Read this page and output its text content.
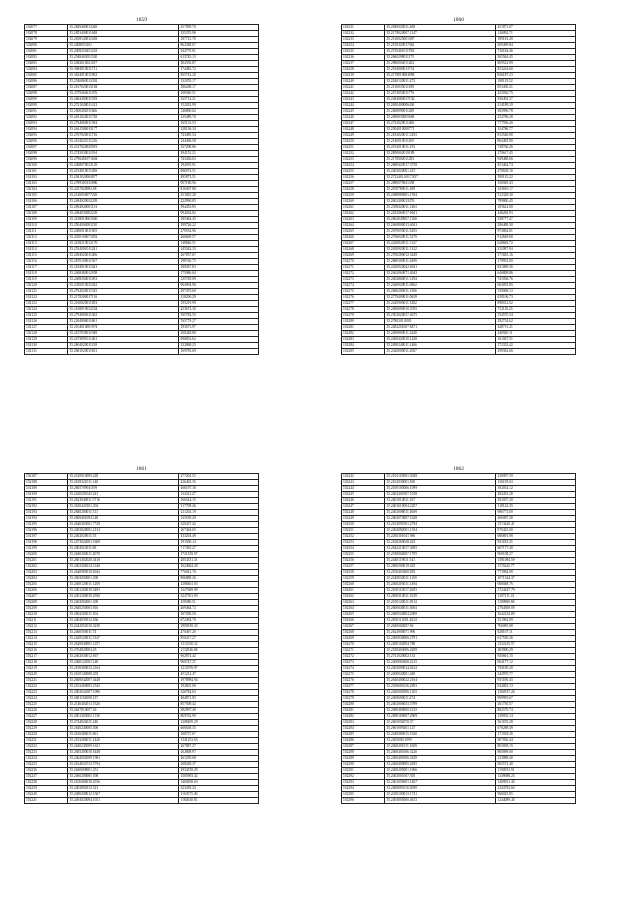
1859
102077	35.2849400012465	257099.70
102078	35.2853400011648	335255.96
102079	35.2658140011438	187721.70
102080	35.2408053161	862368.67
102081	35.2408250451243	344770.81
102082	35.2548403051520	613745.13
102083	35.2482610021187	302556.87
102084	35.3684010011711	174483.72
102085	35.3624010011902	855742.20
102086	35.2546860012302	132076.17
102087	35.2167020013184	186268.17
102088	35.2379264611476	108360.51
102089	35.2604400011918	325714.21
102090	35.2741028011412	152023.99
102091	35.2500402011666	146800.62
102092	35.2631024011728	125489.70
102093	35.2764060011394	165133.53
102094	35.2641506013177	328136.34
102095	35.2767020011716	743485.54
102096	35.2104021011216	144406.58
102097	35.2147020029919	327298.86
102098	35.2745030011194	394155.21
102099	35.2796401071604	743436.63
102100	35.2468070012129	192019.91
102101	35.2194018011208	696074.51
102102	35.2941020004877	495873.51
102103	35.2789300135886	907180.96
102104	35.2457020082.48	816307.80
102105	35.2146050077226	251825.28
102106	35.2484020032205	222990.85
102107	35.2694040001153	594453.85
102108	35.2484030002229	994264.02
102109	35.2168010061940	185464.45
102110	35.2504004001150	299726.22
102111	35.2486010011505	270554.96
102112	35.2450106071852	466669.57
102113	35.2108210012170	148840.51
102114	35.2534001011241	145342.33
102115	35.2494020011406	267837.67
102116	35.2670100011367	198746.75
102117	35.2184010011623	189267.83
102118	35.2468480012958	175986.64
102119	35.2408204011053	125749.09
102120	35.2356510011432	964904.96
102121	35.2764020011335	297470.60
102122	35.2178200017116	318206.29
102123	35.2160020011853	195219.99
102124	35.2168010012234	233672.30
102125	35.2794800011362	395782.55
102126	35.2264806011601	765779.27
102127	35.2104010001974	193673.97
102128	35.2107030011948	308428.80
102129	35.2473091011461	696833.62
102130	35.2604020011128	332868.25
102131	35.2681020011651	169783.69
1860
102231	35.2840020011.468	451871.07
102232	35.2178020007.1147	126092.71
102233	35.2130025001387	189181.28
102234	35.2150320017362	200499.84
102235	35.2510401011768	716184.46
102236	35.2660298011175	265564.45
102237	35.2886004011262	869522.89
102238	35.2184000013714	833224.60
102239	35.2178010084098	826187.23
102240	35.2240120011.473	108119.52
102241	35.2130035011189	853450.21
102242	35.2474050011776	425036.75
102243	35.2484060017136	936492.37
102244	35.2650400006436	414189.19
102245	35.2400090011449	383996.78
102246	35.2400030005668	252786.28
102247	35.2742020011406	777596.40
102248	35.2304010000771	334786.77
102249	35.2182020011.3293	813540.90
102250	35.2140010011205	864483.80
102251	35.2192010011.193	748760.26
102252	35.2850002019189	270617.45
102253	35.2170002011283	949480.66
102254	35.2680420017.3758	453462.74
102255	35.2402020001.415	270658.10
102256	35.2722401.0017.837	590125.22
102257	35.2880079041358	356949.43
102258	35.2670780011.289	343816.17
102259	35.2488080001.1594	512328.30
102260	35.2602400013376	789800.45
102261	35.2358420011.1463	103622.00
102262	35.2432060017.6041	446284.93
102263	35.2602049007.1160	338777.47
102264	35.2460800013.6041	206489.30
102265	35.2670050011.3293	972864.81
102266	35.2796020011.5279	912649.68
102267	35.2420820011.1327	628684.72
102268	35.2450920011.1322	211097.94
102269	35.2780280012.3449	171843.16
102270	35.2680300011.4499	179952.00
102271	35.2420020042.6041	821090.36
102272	35.2462060071.4042	646808.86
102273	35.2402860011.1294	741036.76
102274	35.2440020011.0862	664055.85
102275	35.2660200011.1566	339068.13
102276	35.2778400011.0639	639106.73
102277	35.2420900011.5282	898012.02
102278	35.2406000010.4765	732116.25
102279	35.2502020017.4675	154570.34
102280	35.2780201.0001	292734.62
102281	35.2482201007.8471	448715.21
102282	35.2400800011.2440	246940.11
102283	35.2400420010.1428	161067.51
102284	35.2490340011.1466	172353.42
102285	35.2420000011.2067	299362.66
1861
102187	35.2410010009.428	277202.52
102188	35.2618321011.140	226463.35
102189	35.2605709041199	166197.18
102190	35.2420201043.241	134321.27
102191	35.2623040011.5716	166544.15
102192	35.2620420101.204	317708.26
102193	35.2840200011.511	121202.19
102194	35.2609401094.140	135539.29
102195	35.2640403001.7728	320437.42
102196	35.2403028001.2134	167464.65
102197	35.2462020011.53	333204.49
102198	35.2473024001.1669	191506.14
102199	35.2602023011.69	717365.27
102200	35.2640200011.2070	1721559.97
102201	35.2601402020.3410	2054351.31
102202	35.2402304014.1246	1624064.40
102203	35.2640900010.6042	776041.76
102204	35.2602000001.200	806888.26
102205	35.2460120011.1209	1288461.03
102206	35.2401200010.5493	1227669.99
102207	35.2401200010.2936	3247501.09
102208	35.2463004001.300	458380.51
102209	35.2640250003.816	269464.72
102210	35.2604205011.104	307296.50
102211	35.2404039012.636	672494.70
102212	35.2442052010.3230	1905818.43
102213	35.2460500011.74	470467.20
102214	35.2420520011.5147	850417.27
102215	35.2620040001.1257	1312530.32
102216	35.2764020004.45	1132946.68
102217	35.2462040012.667	962874.42
102218	35.2460122001.140	960747.37
102219	35.2100400012.2164	1212976.97
102220	35.2610140008.203	451212.47
102221	35.2600042007.4448	1970984.94
102222	35.2102400003.2545	182801.00
102223	35.2602042007.1096	326784.63
102224	35.2681102008.137	404871.85
102225	35.2146402013.5326	857508.42
102226	35.2647010057.26	382997.49
102227	35.2601403002.1136	869762.90
102228	35.2744024011.246	1208209.29
102229	35.2640240005.300	666638.35
102230	35.2610406011.661	100737.67
102231	35.2103206011.1426	1341253.65
102232	35.2640245009.1621	267887.27
102233	35.2605200010.5448	162808.97
102234	35.2464502009.1903	261259.68
102235	35.2164021013.5794	208248.37
102236	35.2640008001.351	1934539.29
102237	35.2460200005.508	1565903.42
102238	35.2106406010.2016	1460458.63
102239	35.2402802012.521	323439.24
102240	35.2480208012.1567	1163575.40
102241	35.2404020094.1031	1182630.81
1862
102242	35.2104103001.3049	236997.59
102243	35.2102030001.650	136195.63
102244	35.2100105006.1099	392034.12
102245	35.2403401007.1018	284453.28
102246	35.2601010011.167	291037.20
102247	35.2401610004.2207	318142.35
102248	35.2402008011.4609	986773.00
102249	35.2602070007.1028	466007.28
102250	35.2102091001.2794	1374420.41
102251	35.2464082001.1354	970425.00
102252	35.2260301041.966	686891.08
102253	35.2160260028.423	941183.25
102254	35.2642210017.3695	607177.40
102255	35.2180004007.1795	960108.27
102256	35.2440119011.541	1381084.59
102257	35.2600200019.425	1174242.77
102258	35.2100403400.829	773982.90
102259	35.2240030011.1169	1071344.37
102260	35.2460203011.1494	680048.76
102261	35.2100110017.2003	1724247.79
102262	35.2600310011.1029	1307111.41
102263	35.2100120011.3014	1180980.68
102264	35.2600040011.3004	2704500.09
102265	35.2460520004.2069	1642234.80
102266	35.2650111001.2024	331962.09
102267	35.2640004007.66	766085.08
102268	35.2624900071.996	828107.11
102269	35.2400030006.2791	617530.26
102270	35.2200102004.780	1352235.57
102271	35.2549404006.2209	283900.29
102272	35.2741020002.133	945661.15
102273	35.2400060200.2215	664177.12
102274	35.2402090014.4612	794180.20
102275	35.2400020001.449	242970.77
102276	35.2640400022.2164	931100.43
102277	35.2100600126.2903	644001.13
102278	35.2440002006.1163	1360557.26
102279	35.2400690011.474	999995.67
102280	35.2402006033.3799	261730.57
102281	35.2690400000.1615	882576.74
102282	35.2690109007.2969	130935.14
102283	35.2605002070.37	361670.28
102284	35.2691009201.127	670288.49
102285	35.2440080015.1020	171018.26
102286	35.2405000.1099	307030.44
102287	35.2460201011.1609	803058.15
102288	35.2460401006.3220	885899.00
102289	35.2400401006.3250	123088.40
102290	35.2460409005.4295	692572.40
102291	35.2400205001.1966	1190553.91
102292	35.2402001007.305	1349088.23
102293	35.2401056001.1467	1469031.40
102294	35.2400090116.3009	1244792.60
102295	35.2430100013.1741	966025.85
102296	35.2403005000.4613	1244089.40
